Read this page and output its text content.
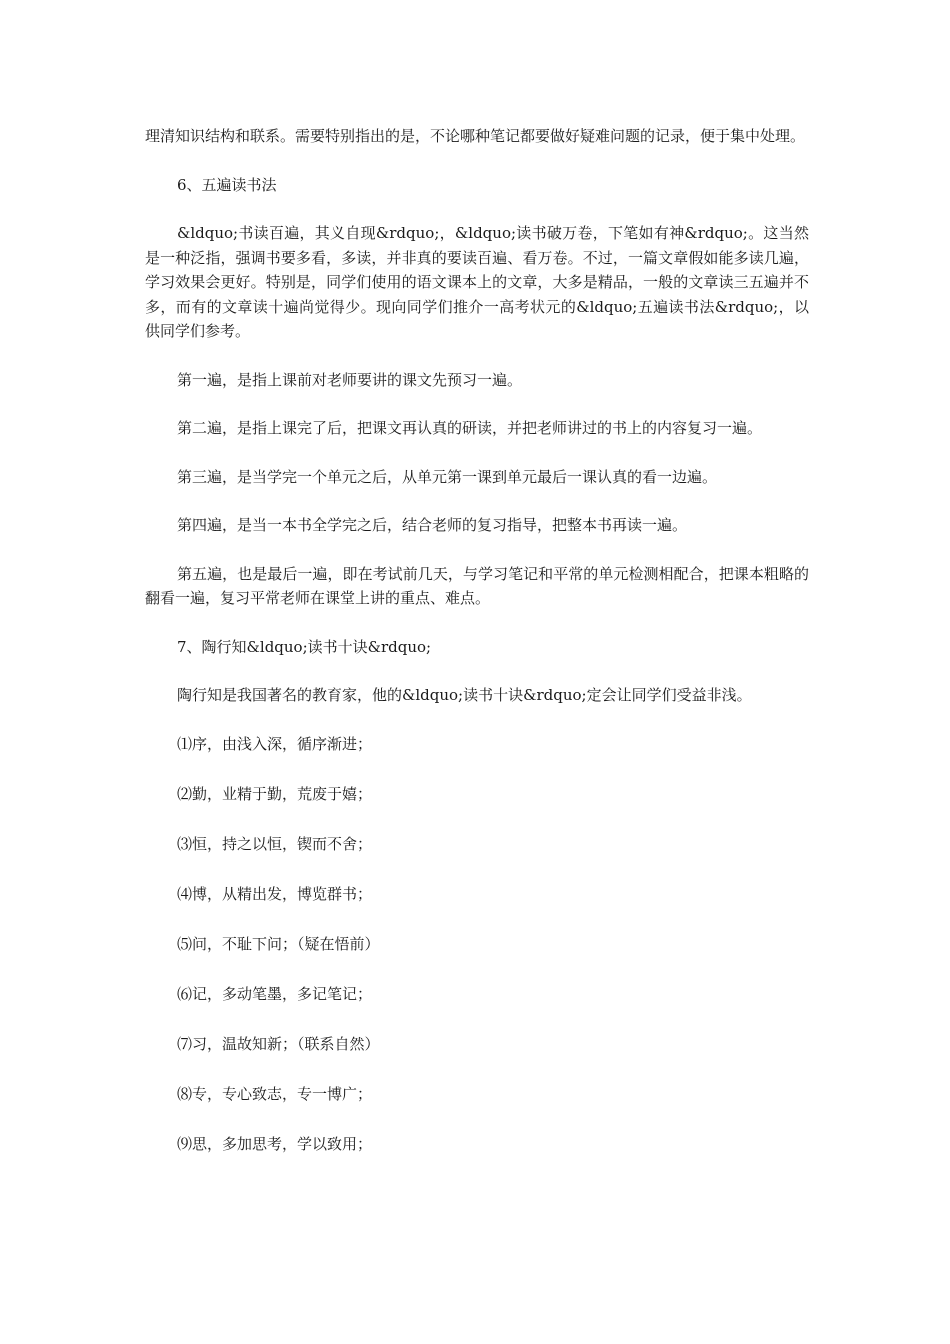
理清知识结构和联系。需要特别指出的是，不论哪种笔记都要做好疑难问题的记录，便于集中处理。

6、五遍读书法

&ldquo;书读百遍，其义自现&rdquo;，&ldquo;读书破万卷，下笔如有神&rdquo;。这当然是一种泛指，强调书要多看，多读，并非真的要读百遍、看万卷。不过，一篇文章假如能多读几遍，学习效果会更好。特别是，同学们使用的语文课本上的文章，大多是精品，一般的文章读三五遍并不多，而有的文章读十遍尚觉得少。现向同学们推介一高考状元的&ldquo;五遍读书法&rdquo;，以供同学们参考。

第一遍，是指上课前对老师要讲的课文先预习一遍。

第二遍，是指上课完了后，把课文再认真的研读，并把老师讲过的书上的内容复习一遍。

第三遍，是当学完一个单元之后，从单元第一课到单元最后一课认真的看一边遍。

第四遍，是当一本书全学完之后，结合老师的复习指导，把整本书再读一遍。

第五遍，也是最后一遍，即在考试前几天，与学习笔记和平常的单元检测相配合，把课本粗略的翻看一遍，复习平常老师在课堂上讲的重点、难点。

7、陶行知&ldquo;读书十诀&rdquo;

陶行知是我国著名的教育家，他的&ldquo;读书十诀&rdquo;定会让同学们受益非浅。

⑴序，由浅入深，循序渐进；

⑵勤，业精于勤，荒废于嬉；

⑶恒，持之以恒，锲而不舍；

⑷博，从精出发，博览群书；

⑸问，不耻下问；（疑在悟前）

⑹记，多动笔墨，多记笔记；

⑺习，温故知新；（联系自然）

⑻专，专心致志，专一博广；

⑼思，多加思考，学以致用；
